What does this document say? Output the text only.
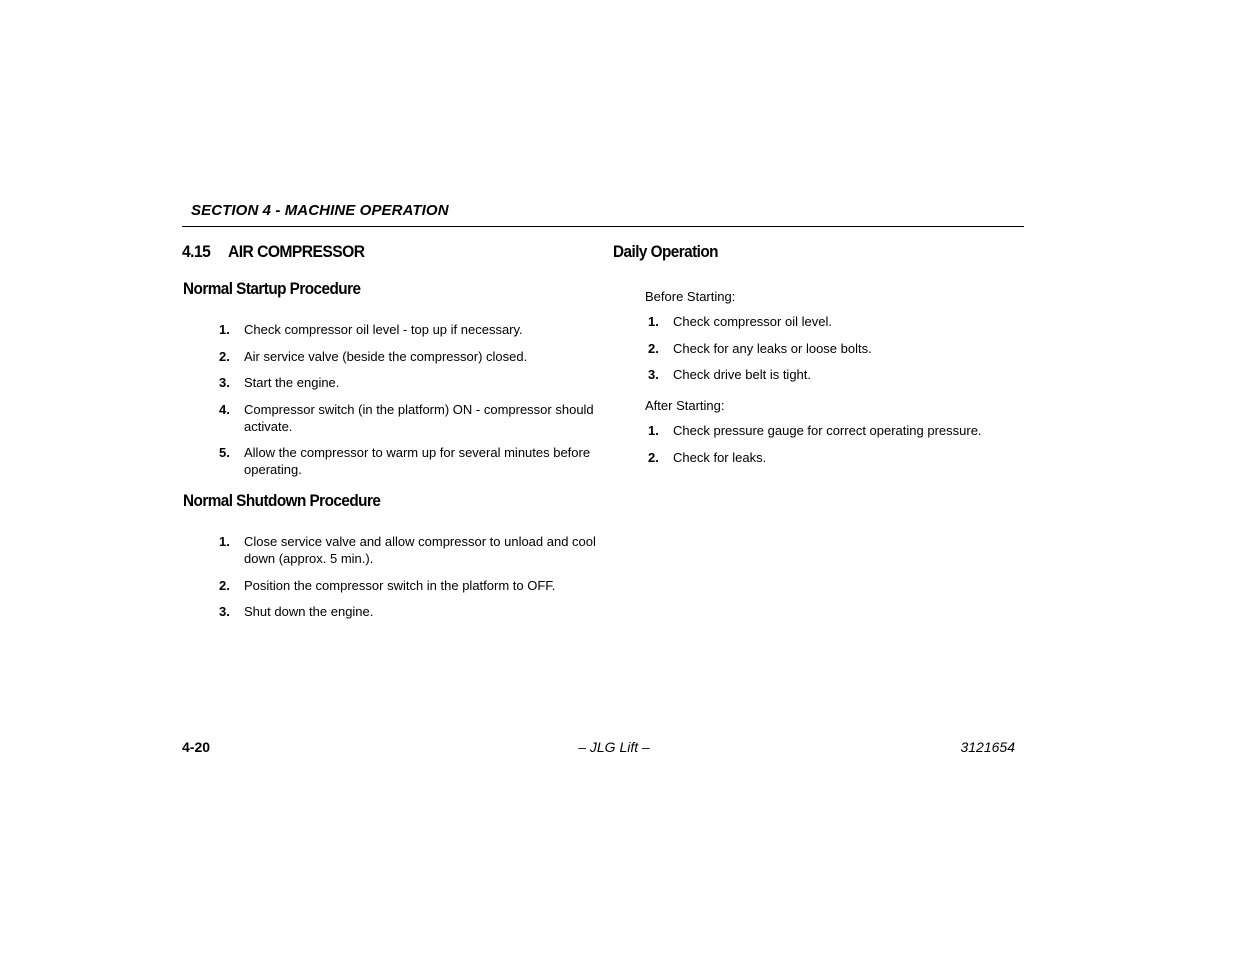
SECTION 4 - MACHINE OPERATION
4.15 AIR COMPRESSOR
Normal Startup Procedure
1. Check compressor oil level - top up if necessary.
2. Air service valve (beside the compressor) closed.
3. Start the engine.
4. Compressor switch (in the platform) ON - compressor should activate.
5. Allow the compressor to warm up for several minutes before operating.
Normal Shutdown Procedure
1. Close service valve and allow compressor to unload and cool down (approx. 5 min.).
2. Position the compressor switch in the platform to OFF.
3. Shut down the engine.
Daily Operation
Before Starting:
1. Check compressor oil level.
2. Check for any leaks or loose bolts.
3. Check drive belt is tight.
After Starting:
1. Check pressure gauge for correct operating pressure.
2. Check for leaks.
4-20	– JLG Lift –	3121654
